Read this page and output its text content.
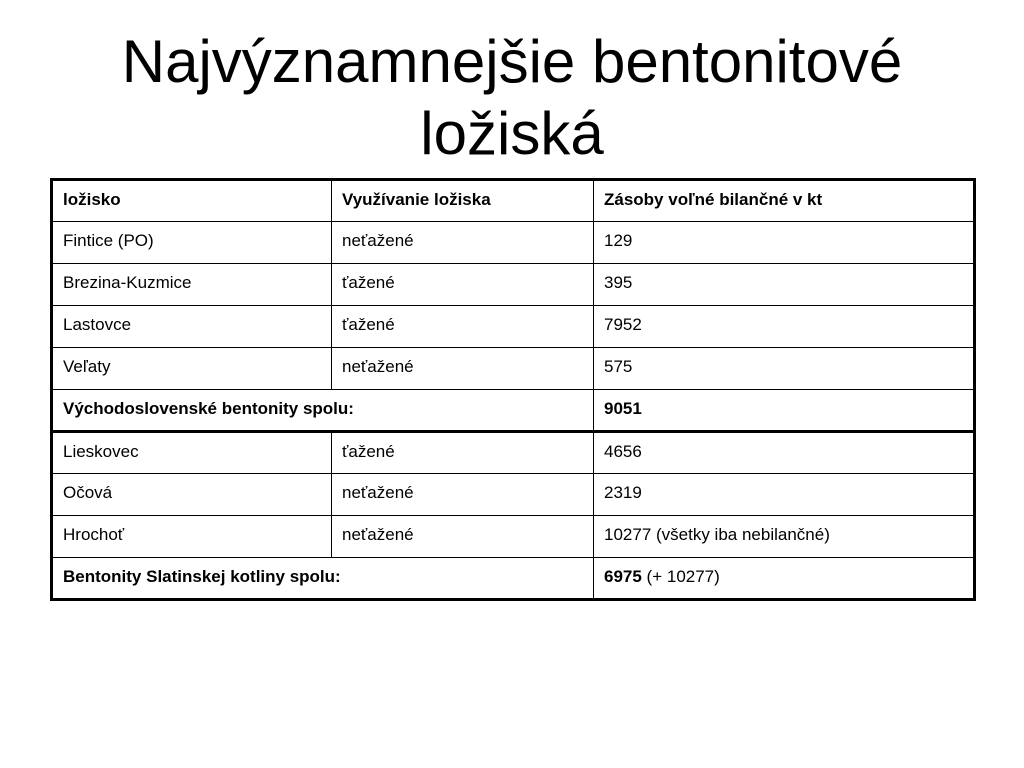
Najvýznamnejšie bentonitové
ložiská
ložisko	Využívanie ložiska	Zásoby voľné bilančné v kt
Fintice (PO)	neťažené	129
Brezina-Kuzmice	ťažené	395
Lastovce	ťažené	7952
Veľaty	neťažené	575
Východoslovenské bentonity spolu:		9051
Lieskovec	ťažené	4656
Očová	neťažené	2319
Hrochoť	neťažené	10277 (všetky iba nebilančné)
Bentonity Slatinskej kotliny spolu:		6975 (+ 10277)
